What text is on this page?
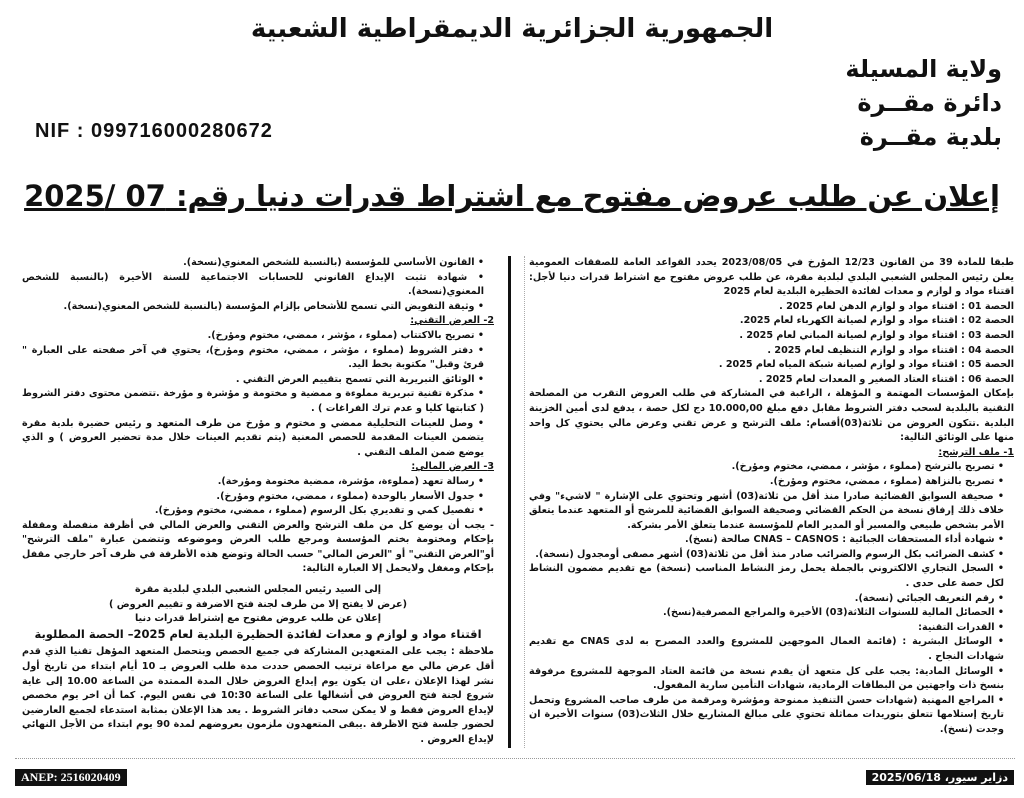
الجمهورية الجزائرية الديمقراطية الشعبية
ولاية المسيلة
دائرة مقــرة
بلدية مقــرة
NIF : 099716000280672
إعلان عن طلب عروض مفتوح مع اشتراط قدرات دنيا رقم: 07 /2025
• القانون الأساسي للمؤسسة (بالنسبة للشخص المعنوي(نسخة).
• شهادة تثبت الإيداع القانوني للحسابات الاجتماعية للسنة الأخيرة (بالنسبة للشخص المعنوي(نسخة).
• وثيقة التفويض التي تسمح للأشخاص بإلزام المؤسسة (بالنسبة للشخص المعنوي(نسخة).

2- العرض التقني:

• تصريح بالاكتتاب (مملوء ، مؤشر ، ممضي، مختوم ومؤرخ).
• دفتر الشروط (مملوء ، مؤشر ، ممضي، مختوم ومؤرخ)، يحتوي في آخر صفحته على العبارة " قرئ وقبل" مكتوبة بخط اليد.
• الوثائق التبريرية التي تسمح بتقييم العرض التقني .
• مذكرة تقنية تبريرية مملوءة و ممضية و مختومة و مؤشرة و مؤرخة .تتضمن محتوى دفتر الشروط ( كتابتها كليا و عدم ترك الفراغات ) .
• وصل للعينات التحليلية ممضي و مختوم و مؤرخ من طرف المتعهد و رئيس حضيرة بلدية مقرة يتضمن العينات المقدمة للحصص المعنية (يتم تقديم العينات خلال مدة تحضير العروض ) و الذي يوضع ضمن الملف التقني .

3- العرض المالي:

• رسالة تعهد (مملوءة، مؤشرة، ممضية مختومة ومؤرخة).
• جدول الأسعار بالوحدة (مملوء ، ممضي، مختوم ومؤرخ).
• تفصيل كمي و تقديري بكل الرسوم (مملوء ، ممضي، مختوم ومؤرخ).

- يجب أن يوضع كل من ملف الترشح والعرض التقني والعرض المالي في أظرفة منفصلة ومقفلة بإحكام ومختومة بختم المؤسسة ومرجع طلب العرض وموضوعه وتتضمن عبارة "ملف الترشح" أو"العرض التقني" أو "العرض المالي" حسب الحالة وتوضع هذه الأظرفة في ظرف آخر خارجي مقفل بإحكام ومغفل ولايحمل إلا العبارة التالية:

إلى السيد رئيس المجلس الشعبي البلدي لبلدية مقرة

(عرض لا يفتح إلا من طرف لجنة فتح الاضرفة و تقييم العروض )

إعلان عن طلب عروض مفتوح مع إشتراط قدرات دنيا

اقتناء مواد و لوازم و معدات لفائدة الحظيرة البلدية لعام 2025– الحصة المطلوبة

ملاحظة : يجب على المتعهدين المشاركة في جميع الحصص ويتحصل المتعهد المؤهل تقنيا الذي قدم أقل عرض مالي مع مراعاة ترتيب الحصص حددت مدة طلب العروض بـ 10 أيام ابتداء من تاريخ أول نشر لهذا الإعلان ،على ان يكون يوم إيداع العروض خلال المدة الممتدة من الساعة 10.00 إلى غاية شروع لجنة فتح العروض في أشغالها على الساعة 10:30 في نفس اليوم. كما أن اخر يوم مخصص لإيداع العروض فقط و لا يمكن سحب دفاتر الشروط . يعد هذا الإعلان بمثابة استدعاء لجميع العارضين لحضور جلسة فتح الاظرفة .يبقى المتعهدون ملزمون بعروضهم لمدة 90 يوم ابتداء من الأجل النهائي لإيداع العروض .

طبقا للمادة 39 من القانون 12/23 المؤرخ في 2023/08/05 يحدد القواعد العامة للصفقات العمومية يعلن رئيس المجلس الشعبي البلدي لبلدية مقرة، عن طلب عروض مفتوح مع اشتراط قدرات دنيا لأجل: اقتناء مواد و لوازم و معدات لفائدة الحظيرة البلدية لعام 2025

الحصة 01 : اقتناء مواد و لوازم الدهن لعام 2025 .

الحصة 02 : اقتناء مواد و لوازم لصيانة الكهرباء لعام 2025.

الحصة 03 : اقتناء مواد و لوازم لصيانة المباني لعام 2025 .

الحصة 04 : اقتناء مواد و لوازم التنظيف لعام 2025 .

الحصة 05 : اقتناء مواد و لوازم لصيانة شبكة المياه لعام 2025 .

الحصة 06 : اقتناء العتاد الصغير و المعدات لعام 2025 .

بإمكان المؤسسات المهتمة و المؤهلة ، الراغبة في المشاركة في طلب العروض التقرب من المصلحة التقنية بالبلدية لسحب دفتر الشروط مقابل دفع مبلغ 10.000,00 دج لكل حصة ، يدفع لدى أمين الخزينة البلدية .تتكون العروض من ثلاثة(03)أقسام: ملف الترشح و عرض تقني وعرض مالي يحتوي كل واحد منها على الوثائق التالية:

1- ملف الترشح:

• تصريح بالترشح (مملوء ، مؤشر ، ممضي، مختوم ومؤرخ).
• تصريح بالنزاهة (مملوء ، ممضي، مختوم ومؤرخ).
• صحيفة السوابق القضائية صادرا منذ أقل من ثلاثة(03) أشهر وتحتوي على الإشارة " لاشيء" وفي خلاف ذلك إرفاق نسخة من الحكم القضائي وصحيفة السوابق القضائية للمرشح أو المتعهد عندما يتعلق الأمر بشخص طبيعي والمسير أو المدير العام للمؤسسة عندما يتعلق الأمر بشركة.
• شهادة أداء المستحقات الجبائية : CNAS – CASNOS صالحة (نسخ).
• كشف الضرائب بكل الرسوم والضرائب صادر منذ أقل من ثلاثة(03) أشهر مصفى أومجدول (نسخة).
• السجل التجاري الالكتروني بالجملة يحمل رمز النشاط المناسب (نسخة) مع تقديم مضمون النشاط لكل حصة على حدى .
• رقم التعريف الجبائي (نسخة).
• الحصائل المالية للسنوات الثلاثة(03) الأخيرة والمراجع المصرفية(نسخ).
• القدرات التقنية:
• الوسائل البشرية : (قائمة العمال الموجهين للمشروع والعدد المصرح به لدى CNAS مع تقديم شهادات النجاح .
• الوسائل المادية: يجب على كل متعهد أن يقدم نسخة من قائمة العتاد الموجهة للمشروع مرفوقة بنسخ ذات واجهتين من البطاقات الرمادية، شهادات التأمين سارية المفعول.
• المراجع المهنية (شهادات حسن التنفيذ ممنوحة ومؤشرة ومرقمة من طرف صاحب المشروع وتحمل تاريخ إستلامها تتعلق بتوريدات مماثلة تحتوي على مبالغ المشاريع خلال الثلاث(03) سنوات الأخيرة ان وجدت (نسخ).
ANEP: 2516020409	دزاير سيور، 2025/06/18
